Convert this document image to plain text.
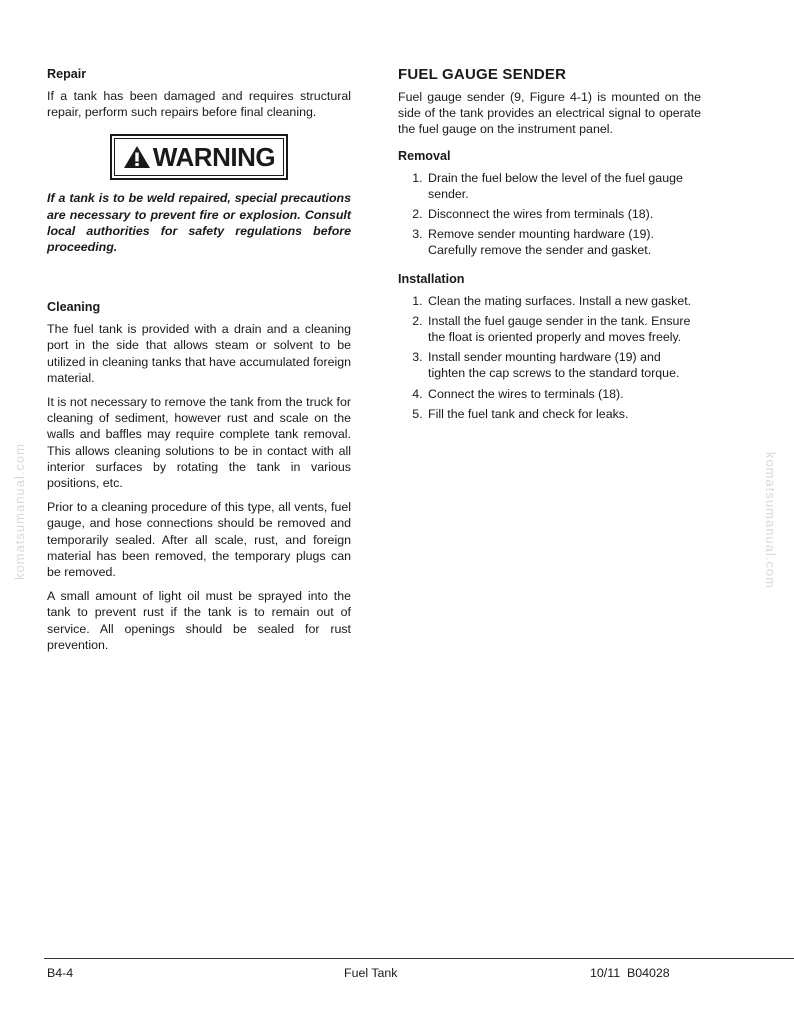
Repair

If a tank has been damaged and requires structural repair, perform such repairs before final cleaning.

WARNING

If a tank is to be weld repaired, special precautions are necessary to prevent fire or explosion. Consult local authorities for safety regulations before proceeding.

Cleaning

The fuel tank is provided with a drain and a cleaning port in the side that allows steam or solvent to be utilized in cleaning tanks that have accumulated foreign material.

It is not necessary to remove the tank from the truck for cleaning of sediment, however rust and scale on the walls and baffles may require complete tank removal. This allows cleaning solutions to be in contact with all interior surfaces by rotating the tank in various positions, etc.

Prior to a cleaning procedure of this type, all vents, fuel gauge, and hose connections should be removed and temporarily sealed. After all scale, rust, and foreign material has been removed, the temporary plugs can be removed.

A small amount of light oil must be sprayed into the tank to prevent rust if the tank is to remain out of service. All openings should be sealed for rust prevention.

FUEL GAUGE SENDER

Fuel gauge sender (9, Figure 4-1) is mounted on the side of the tank provides an electrical signal to operate the fuel gauge on the instrument panel.

Removal
1. Drain the fuel below the level of the fuel gauge sender.
2. Disconnect the wires from terminals (18).
3. Remove sender mounting hardware (19). Carefully remove the sender and gasket.
Installation
1. Clean the mating surfaces. Install a new gasket.
2. Install the fuel gauge sender in the tank. Ensure the float is oriented properly and moves freely.
3. Install sender mounting hardware (19) and tighten the cap screws to the standard torque.
4. Connect the wires to terminals (18).
5. Fill the fuel tank and check for leaks.
komatsumanual.com	komatsumanual.com
B4-4	Fuel Tank	10/11  B04028
